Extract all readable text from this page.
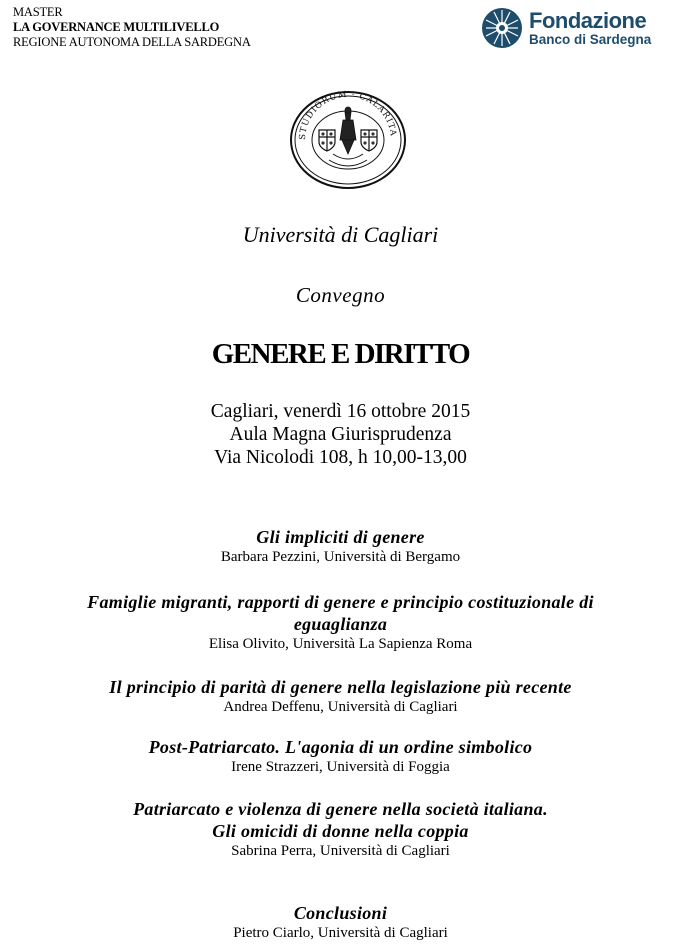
MASTER
LA GOVERNANCE MULTILIVELLO
REGIONE AUTONOMA DELLA SARDEGNA
Fondazione
Banco di Sardegna
STUDIORUM · CALARITA
Università di Cagliari
Convegno
GENERE E DIRITTO
Cagliari, venerdì 16 ottobre 2015
Aula Magna Giurisprudenza
Via Nicolodi 108, h 10,00-13,00
Gli impliciti di genere
Barbara Pezzini, Università di Bergamo
Famiglie migranti, rapporti di genere e principio costituzionale di
eguaglianza
Elisa Olivito, Università La Sapienza Roma
Il principio di parità di genere nella legislazione più recente
Andrea Deffenu, Università di Cagliari
Post-Patriarcato. L'agonia di un ordine simbolico
Irene Strazzeri, Università di Foggia
Patriarcato e violenza di genere nella società italiana.
Gli omicidi di donne nella coppia
Sabrina Perra, Università di Cagliari
Conclusioni
Pietro Ciarlo, Università di Cagliari
